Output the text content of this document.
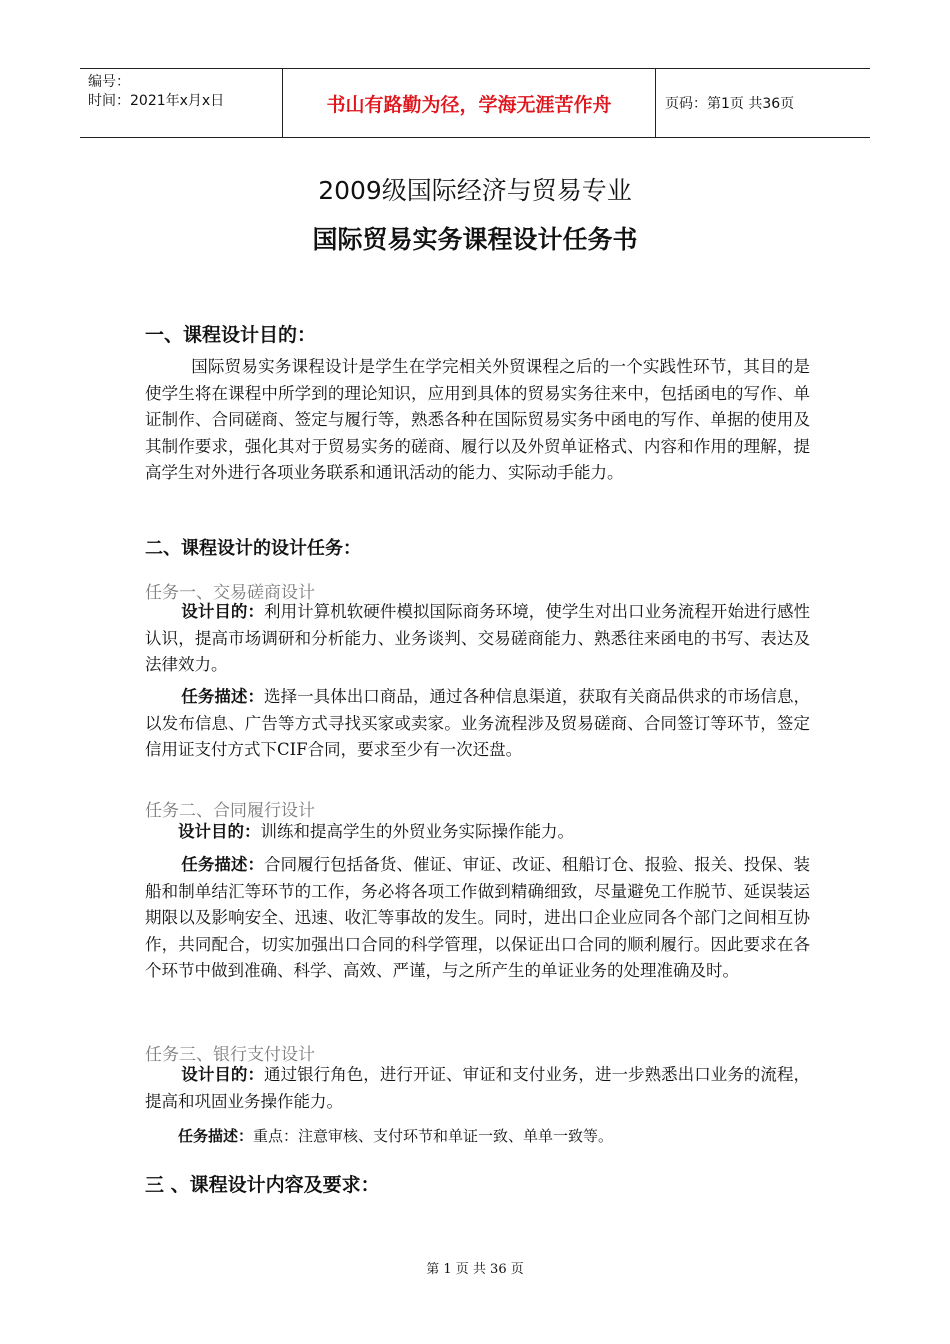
编号：
时间：2021年x月x日	书山有路勤为径，学海无涯苦作舟	页码：第1页 共36页
2009级国际经济与贸易专业
国际贸易实务课程设计任务书
一、课程设计目的：
国际贸易实务课程设计是学生在学完相关外贸课程之后的一个实践性环节，其目的是使学生将在课程中所学到的理论知识，应用到具体的贸易实务往来中，包括函电的写作、单证制作、合同磋商、签定与履行等，熟悉各种在国际贸易实务中函电的写作、单据的使用及其制作要求，强化其对于贸易实务的磋商、履行以及外贸单证格式、内容和作用的理解，提高学生对外进行各项业务联系和通讯活动的能力、实际动手能力。
二、课程设计的设计任务：
任务一、交易磋商设计
设计目的：利用计算机软硬件模拟国际商务环境，使学生对出口业务流程开始进行感性认识，提高市场调研和分析能力、业务谈判、交易磋商能力、熟悉往来函电的书写、表达及法律效力。
任务描述：选择一具体出口商品，通过各种信息渠道，获取有关商品供求的市场信息，以发布信息、广告等方式寻找买家或卖家。业务流程涉及贸易磋商、合同签订等环节，签定信用证支付方式下CIF合同，要求至少有一次还盘。
任务二、合同履行设计
设计目的：训练和提高学生的外贸业务实际操作能力。
任务描述：合同履行包括备货、催证、审证、改证、租船订仓、报验、报关、投保、装船和制单结汇等环节的工作，务必将各项工作做到精确细致，尽量避免工作脱节、延误装运期限以及影响安全、迅速、收汇等事故的发生。同时，进出口企业应同各个部门之间相互协作，共同配合，切实加强出口合同的科学管理，以保证出口合同的顺利履行。因此要求在各个环节中做到准确、科学、高效、严谨，与之所产生的单证业务的处理准确及时。
任务三、银行支付设计
设计目的：通过银行角色，进行开证、审证和支付业务，进一步熟悉出口业务的流程，提高和巩固业务操作能力。
任务描述：重点：注意审核、支付环节和单证一致、单单一致等。
三 、课程设计内容及要求：
第 1 页 共 36 页
